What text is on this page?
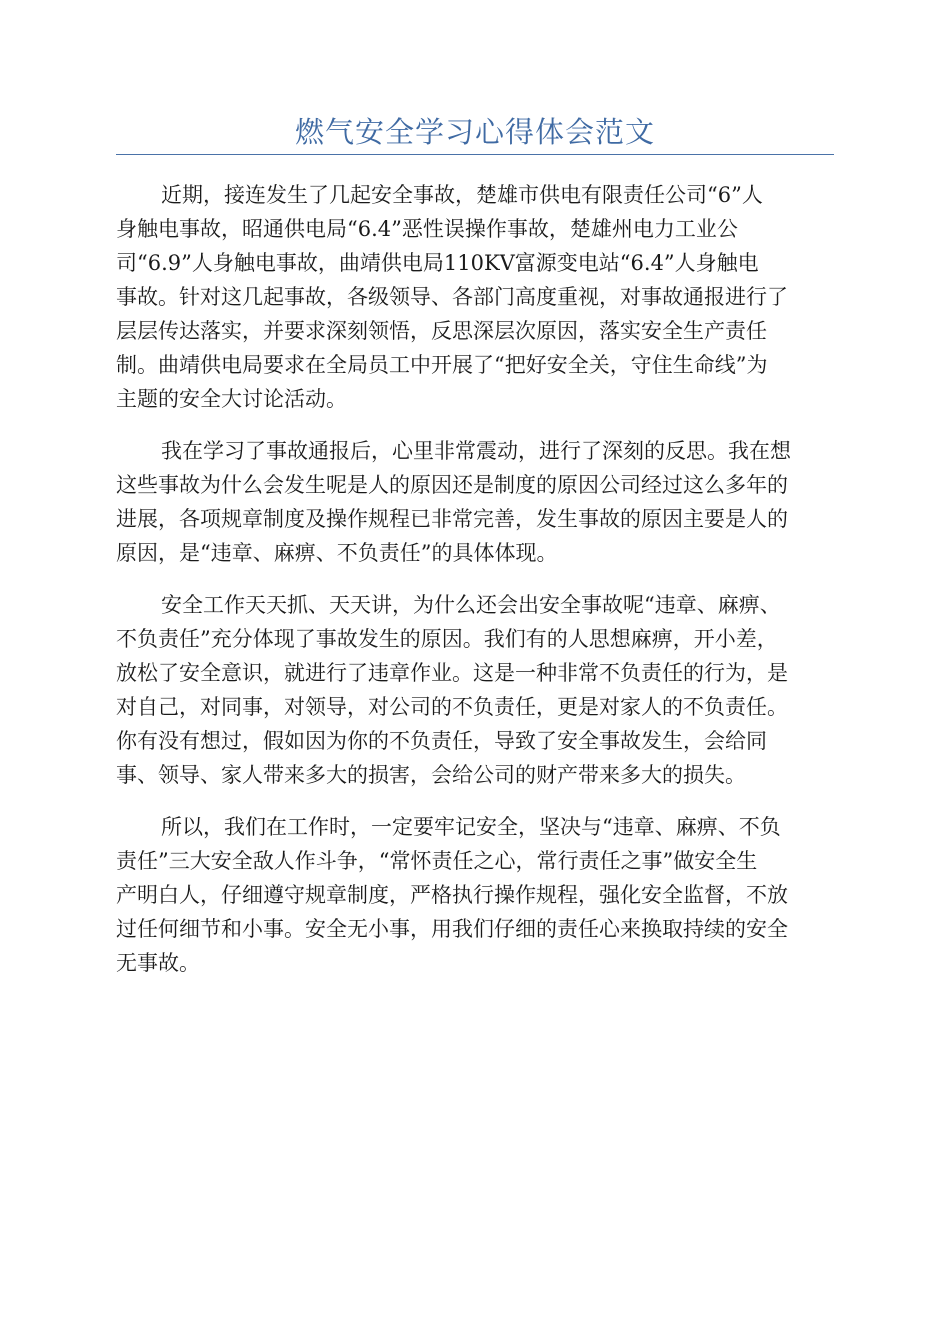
燃气安全学习心得体会范文
近期，接连发生了几起安全事故，楚雄市供电有限责任公司“6”人
身触电事故，昭通供电局“6.4”恶性误操作事故，楚雄州电力工业公
司“6.9”人身触电事故，曲靖供电局110KV富源变电站“6.4”人身触电
事故。针对这几起事故，各级领导、各部门高度重视，对事故通报进行了
层层传达落实，并要求深刻领悟，反思深层次原因，落实安全生产责任
制。曲靖供电局要求在全局员工中开展了“把好安全关，守住生命线”为
主题的安全大讨论活动。
我在学习了事故通报后，心里非常震动，进行了深刻的反思。我在想
这些事故为什么会发生呢是人的原因还是制度的原因公司经过这么多年的
进展，各项规章制度及操作规程已非常完善，发生事故的原因主要是人的
原因，是“违章、麻痹、不负责任”的具体体现。
安全工作天天抓、天天讲，为什么还会出安全事故呢“违章、麻痹、
不负责任”充分体现了事故发生的原因。我们有的人思想麻痹，开小差，
放松了安全意识，就进行了违章作业。这是一种非常不负责任的行为，是
对自己，对同事，对领导，对公司的不负责任，更是对家人的不负责任。
你有没有想过，假如因为你的不负责任，导致了安全事故发生，会给同
事、领导、家人带来多大的损害，会给公司的财产带来多大的损失。
所以，我们在工作时，一定要牢记安全，坚决与“违章、麻痹、不负
责任”三大安全敌人作斗争，“常怀责任之心，常行责任之事”做安全生
产明白人，仔细遵守规章制度，严格执行操作规程，强化安全监督，不放
过任何细节和小事。安全无小事，用我们仔细的责任心来换取持续的安全
无事故。
